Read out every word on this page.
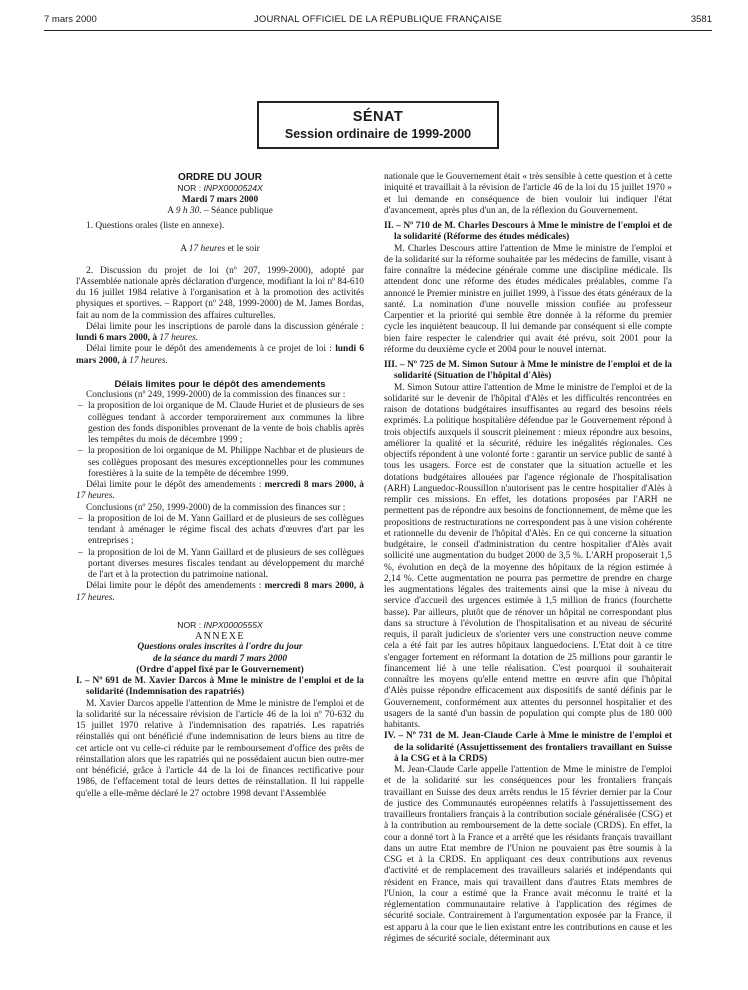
7 mars 2000	JOURNAL OFFICIEL DE LA RÉPUBLIQUE FRANÇAISE	3581
SÉNAT
Session ordinaire de 1999-2000

ORDRE DU JOUR

NOR : INPX0000524X

Mardi 7 mars 2000

A 9 h 30. – Séance publique

1. Questions orales (liste en annexe).

A 17 heures et le soir

2. Discussion du projet de loi (nº 207, 1999-2000), adopté par l'Assemblée nationale après déclaration d'urgence, modifiant la loi nº 84-610 du 16 juillet 1984 relative à l'organisation et à la promotion des activités physiques et sportives. – Rapport (nº 248, 1999-2000) de M. James Bordas, fait au nom de la commission des affaires culturelles.

Délai limite pour les inscriptions de parole dans la discussion générale : lundi 6 mars 2000, à 17 heures.

Délai limite pour le dépôt des amendements à ce projet de loi : lundi 6 mars 2000, à 17 heures.

Délais limites pour le dépôt des amendements

Conclusions (nº 249, 1999-2000) de la commission des finances sur :

– la proposition de loi organique de M. Claude Huriet et de plusieurs de ses collègues tendant à accorder temporairement aux communes la libre gestion des fonds disponibles provenant de la vente de bois chablis après les tempêtes du mois de décembre 1999 ;
– la proposition de loi organique de M. Philippe Nachbar et de plusieurs de ses collègues proposant des mesures exceptionnelles pour les communes forestières à la suite de la tempête de décembre 1999.

Délai limite pour le dépôt des amendements : mercredi 8 mars 2000, à 17 heures.

Conclusions (nº 250, 1999-2000) de la commission des finances sur :

– la proposition de loi de M. Yann Gaillard et de plusieurs de ses collègues tendant à aménager le régime fiscal des achats d'œuvres d'art par les entreprises ;
– la proposition de loi de M. Yann Gaillard et de plusieurs de ses collègues portant diverses mesures fiscales tendant au développement du marché de l'art et à la protection du patrimoine national.

Délai limite pour le dépôt des amendements : mercredi 8 mars 2000, à 17 heures.

NOR : INPX0000555X

ANNEXE

Questions orales inscrites à l'ordre du jour
de la séance du mardi 7 mars 2000

(Ordre d'appel fixé par le Gouvernement)

I. – Nº 691 de M. Xavier Darcos à Mme le ministre de l'emploi et de la solidarité (Indemnisation des rapatriés)

M. Xavier Darcos appelle l'attention de Mme le ministre de l'emploi et de la solidarité sur la nécessaire révision de l'article 46 de la loi nº 70-632 du 15 juillet 1970 relative à l'indemnisation des rapatriés. Les rapatriés réinstallés qui ont bénéficié d'une indemnisation de leurs biens au titre de cet article ont vu celle-ci réduite par le remboursement d'office des prêts de réinstallation alors que les rapatriés qui ne possédaient aucun bien outre-mer ont bénéficié, grâce à l'article 44 de la loi de finances rectificative pour 1986, de l'effacement total de leurs dettes de réinstallation. Il lui rappelle qu'elle a elle-même déclaré le 27 octobre 1998 devant l'Assemblée

nationale que le Gouvernement était « très sensible à cette question et à cette iniquité et travaillait à la révision de l'article 46 de la loi du 15 juillet 1970 » et lui demande en conséquence de bien vouloir lui indiquer l'état d'avancement, après plus d'un an, de la réflexion du Gouvernement.

II. – Nº 710 de M. Charles Descours à Mme le ministre de l'emploi et de la solidarité (Réforme des études médicales)

M. Charles Descours attire l'attention de Mme le ministre de l'emploi et de la solidarité sur la réforme souhaitée par les médecins de famille, visant à faire connaître la médecine générale comme une discipline médicale. Ils attendent donc une réforme des études médicales préalables, comme l'a annoncé le Premier ministre en juillet 1999, à l'issue des états généraux de la santé. La nomination d'une nouvelle mission confiée au professeur Carpentier et la priorité qui semble être donnée à la réforme du premier cycle les inquiètent beaucoup. Il lui demande par conséquent si elle compte bien faire respecter le calendrier qui avait été prévu, soit 2001 pour la réforme du deuxième cycle et 2004 pour le nouvel internat.

III. – Nº 725 de M. Simon Sutour à Mme le ministre de l'emploi et de la solidarité (Situation de l'hôpital d'Alès)

M. Simon Sutour attire l'attention de Mme le ministre de l'emploi et de la solidarité sur le devenir de l'hôpital d'Alès et les difficultés rencontrées en raison de dotations budgétaires insuffisantes au regard des besoins réels exprimés. La politique hospitalière défendue par le Gouvernement répond à trois objectifs auxquels il souscrit pleinement : mieux répondre aux besoins, améliorer la qualité et la sécurité, réduire les inégalités régionales. Ces objectifs répondent à une volonté forte : garantir un service public de santé à tous les usagers. Force est de constater que la situation actuelle et les dotations budgétaires allouées par l'agence régionale de l'hospitalisation (ARH) Languedoc-Roussillon n'autorisent pas le centre hospitalier d'Alès à remplir ces missions. En effet, les dotations proposées par l'ARH ne permettent pas de répondre aux besoins de fonctionnement, de même que les propositions de restructurations ne correspondent pas à une vision cohérente et rationnelle du devenir de l'hôpital d'Alès. En ce qui concerne la situation budgétaire, le conseil d'administration du centre hospitalier d'Alès avait sollicité une augmentation du budget 2000 de 3,5 %. L'ARH proposerait 1,5 %, évolution en deçà de la moyenne des hôpitaux de la région estimée à 2,14 %. Cette augmentation ne pourra pas permettre de prendre en charge les augmentations légales des traitements ainsi que la mise à niveau du service d'accueil des urgences estimée à 1,5 million de francs (fourchette basse). Par ailleurs, plutôt que de rénover un hôpital ne correspondant plus dans sa structure à l'évolution de l'hospitalisation et au niveau de sécurité requis, il paraît judicieux de s'orienter vers une construction neuve comme cela a été fait par les autres hôpitaux languedociens. L'Etat doit à ce titre s'engager fortement en réformant la dotation de 25 millions pour garantir le financement lié à une telle réalisation. C'est pourquoi il souhaiterait connaître les moyens qu'elle entend mettre en œuvre afin que l'hôpital d'Alès puisse répondre efficacement aux dispositifs de santé définis par le Gouvernement, conformément aux attentes du personnel hospitalier et des usagers de la santé d'un bassin de population qui compte plus de 180 000 habitants.

IV. – Nº 731 de M. Jean-Claude Carle à Mme le ministre de l'emploi et de la solidarité (Assujettissement des frontaliers travaillant en Suisse à la CSG et à la CRDS)

M. Jean-Claude Carle appelle l'attention de Mme le ministre de l'emploi et de la solidarité sur les conséquences pour les frontaliers français travaillant en Suisse des deux arrêts rendus le 15 février dernier par la Cour de justice des Communautés européennes relatifs à l'assujettissement des travailleurs frontaliers français à la contribution sociale généralisée (CSG) et à la contribution au remboursement de la dette sociale (CRDS). En effet, la cour a donné tort à la France et a arrêté que les résidants français travaillant dans un autre Etat membre de l'Union ne pouvaient pas être soumis à la CSG et à la CRDS. En appliquant ces deux contributions aux revenus d'activité et de remplacement des travailleurs salariés et indépendants qui résident en France, mais qui travaillent dans d'autres Etats membres de l'Union, la cour a estimé que la France avait méconnu le traité et la réglementation communautaire relative à l'application des régimes de sécurité sociale. Contrairement à l'argumentation exposée par la France, il est apparu à la cour que le lien existant entre les contributions en cause et les régimes de sécurité sociale, déterminant aux
